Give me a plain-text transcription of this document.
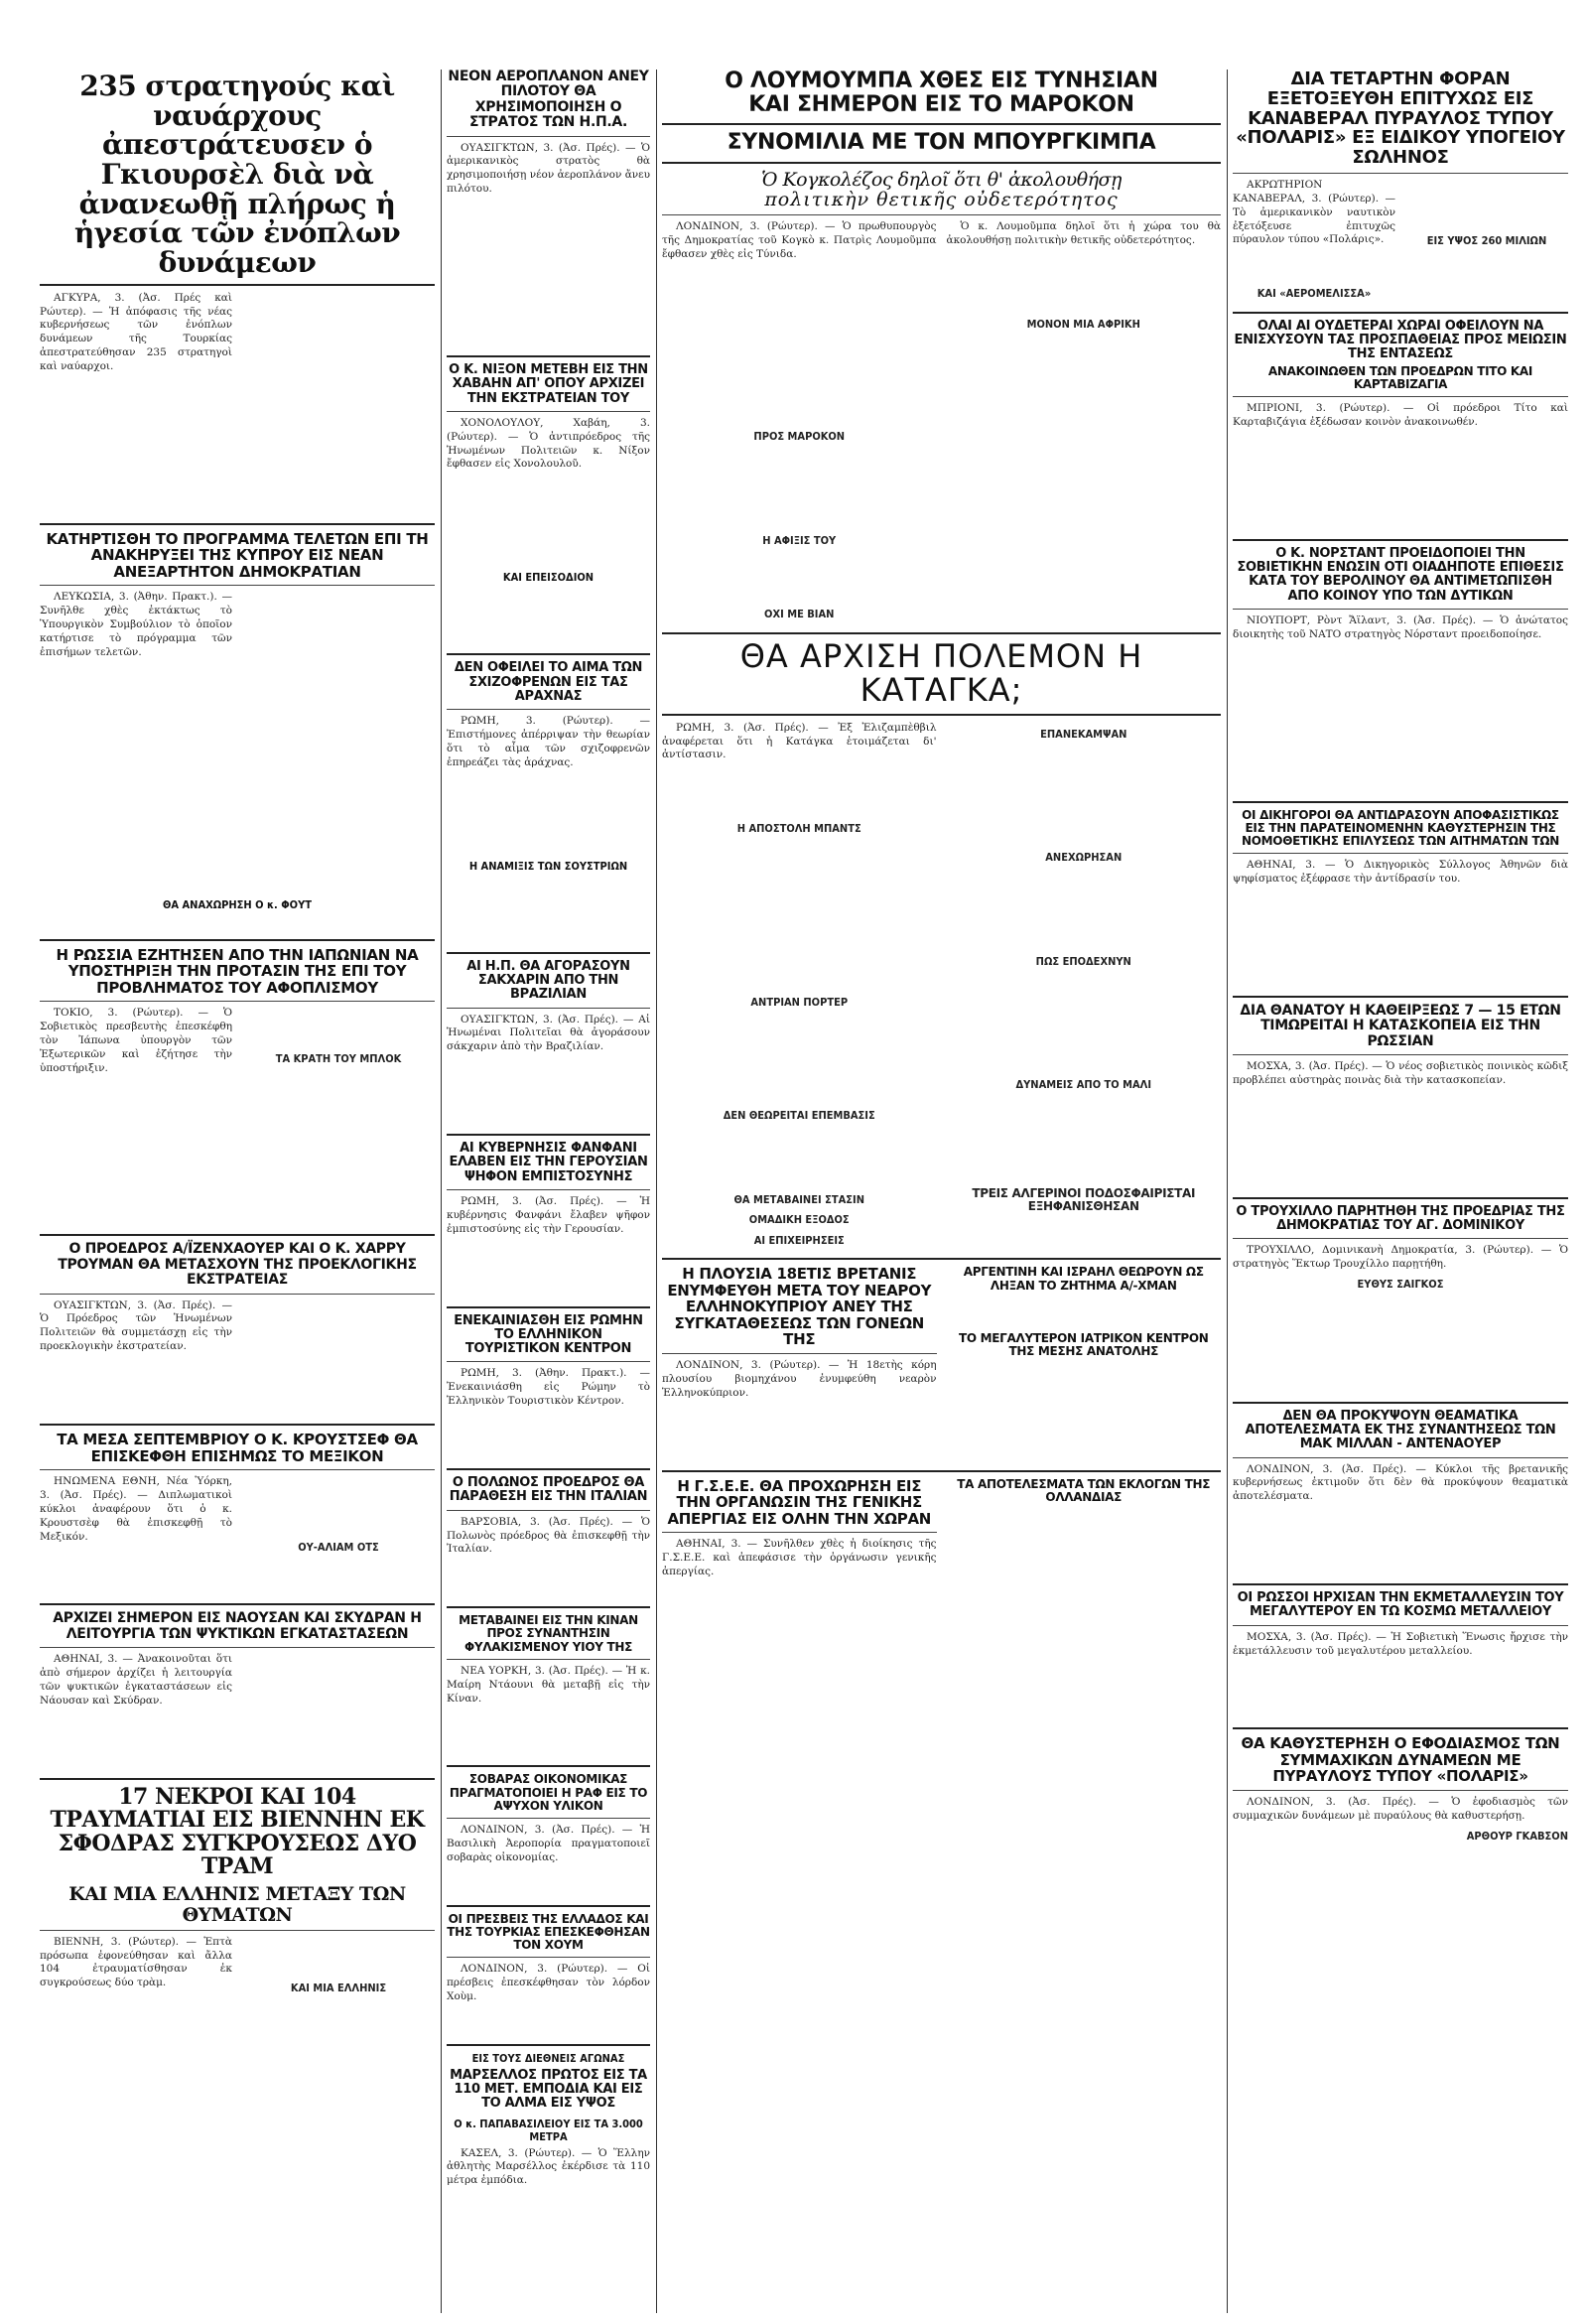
235 στρατηγούς καὶ ναυάρχους ἀπεστράτευσεν ὁ Γκιουρσὲλ διὰ νὰ ἀνανεωθῇ πλήρως ἡ ἡγεσία τῶν ἐνόπλων δυνάμεων

ΑΓΚΥΡΑ, 3. (Ἀσ. Πρές καὶ Ρώυτερ). — Ἡ ἀπόφασις τῆς νέας κυβερνήσεως τῶν ἐνόπλων δυνάμεων τῆς Τουρκίας ἀπεστρατεύθησαν 235 στρατηγοὶ καὶ ναύαρχοι.

ΚΑΤΗΡΤΙΣΘΗ ΤΟ ΠΡΟΓΡΑΜΜΑ ΤΕΛΕΤΩΝ ΕΠΙ ΤΗ ΑΝΑΚΗΡΥΞΕΙ ΤΗΣ ΚΥΠΡΟΥ ΕΙΣ ΝΕΑΝ ΑΝΕΞΑΡΤΗΤΟΝ ΔΗΜΟΚΡΑΤΙΑΝ

ΛΕΥΚΩΣΙΑ, 3. (Ἀθην. Πρακτ.). — Συνῆλθε χθὲς ἐκτάκτως τὸ Ὑπουργικὸν Συμβούλιον τὸ ὁποῖον κατήρτισε τὸ πρόγραμμα τῶν ἐπισήμων τελετῶν.

ΘΑ ΑΝΑΧΩΡΗΣΗ Ο κ. ΦΟΥΤ
Η ΡΩΣΣΙΑ ΕΖΗΤΗΣΕΝ ΑΠΟ ΤΗΝ ΙΑΠΩΝΙΑΝ ΝΑ ΥΠΟΣΤΗΡΙΞΗ ΤΗΝ ΠΡΟΤΑΣΙΝ ΤΗΣ ΕΠΙ ΤΟΥ ΠΡΟΒΛΗΜΑΤΟΣ ΤΟΥ ΑΦΟΠΛΙΣΜΟΥ

ΤΟΚΙΟ, 3. (Ρώυτερ). — Ὁ Σοβιετικὸς πρεσβευτὴς ἐπεσκέφθη τὸν Ἰάπωνα ὑπουργὸν τῶν Ἐξωτερικῶν καὶ ἐζήτησε τὴν ὑποστήριξιν.

ΤΑ ΚΡΑΤΗ ΤΟΥ ΜΠΛΟΚ
Ο ΠΡΟΕΔΡΟΣ Α/ΪΖΕΝΧΑΟΥΕΡ ΚΑΙ Ο Κ. ΧΑΡΡΥ ΤΡΟΥΜΑΝ ΘΑ ΜΕΤΑΣΧΟΥΝ ΤΗΣ ΠΡΟΕΚΛΟΓΙΚΗΣ ΕΚΣΤΡΑΤΕΙΑΣ

ΟΥΑΣΙΓΚΤΩΝ, 3. (Ἀσ. Πρές). — Ὁ Πρόεδρος τῶν Ἡνωμένων Πολιτειῶν θὰ συμμετάσχῃ εἰς τὴν προεκλογικὴν ἐκστρατείαν.

ΤΑ ΜΕΣΑ ΣΕΠΤΕΜΒΡΙΟΥ Ο Κ. ΚΡΟΥΣΤΣΕΦ ΘΑ ΕΠΙΣΚΕΦΘΗ ΕΠΙΣΗΜΩΣ ΤΟ ΜΕΞΙΚΟΝ

ΗΝΩΜΕΝΑ ΕΘΝΗ, Νέα Ὑόρκη, 3. (Ἀσ. Πρές). — Διπλωματικοὶ κύκλοι ἀναφέρουν ὅτι ὁ κ. Κρουστσὲφ θὰ ἐπισκεφθῇ τὸ Μεξικόν.

ΟΥ-ΑΛΙΑΜ ΟΤΣ
ΑΡΧΙΖΕΙ ΣΗΜΕΡΟΝ ΕΙΣ ΝΑΟΥΣΑΝ ΚΑΙ ΣΚΥΔΡΑΝ Η ΛΕΙΤΟΥΡΓΙΑ ΤΩΝ ΨΥΚΤΙΚΩΝ ΕΓΚΑΤΑΣΤΑΣΕΩΝ

ΑΘΗΝΑΙ, 3. — Ἀνακοινοῦται ὅτι ἀπὸ σήμερον ἀρχίζει ἡ λειτουργία τῶν ψυκτικῶν ἐγκαταστάσεων εἰς Νάουσαν καὶ Σκύδραν.

17 ΝΕΚΡΟΙ ΚΑΙ 104 ΤΡΑΥΜΑΤΙΑΙ ΕΙΣ ΒΙΕΝΝΗΝ ΕΚ ΣΦΟΔΡΑΣ ΣΥΓΚΡΟΥΣΕΩΣ ΔΥΟ ΤΡΑΜ
ΚΑΙ ΜΙΑ ΕΛΛΗΝΙΣ ΜΕΤΑΞΥ ΤΩΝ ΘΥΜΑΤΩΝ

ΒΙΕΝΝΗ, 3. (Ρώυτερ). — Ἑπτὰ πρόσωπα ἐφονεύθησαν καὶ ἄλλα 104 ἐτραυματίσθησαν ἐκ συγκρούσεως δύο τρὰμ.	ΚΑΙ ΜΙΑ ΕΛΛΗΝΙΣ
ΝΕΟΝ ΑΕΡΟΠΛΑΝΟΝ ΑΝΕΥ ΠΙΛΟΤΟΥ ΘΑ ΧΡΗΣΙΜΟΠΟΙΗΣΗ Ο ΣΤΡΑΤΟΣ ΤΩΝ Η.Π.Α.

ΟΥΑΣΙΓΚΤΩΝ, 3. (Ἀσ. Πρές). — Ὁ ἀμερικανικὸς στρατὸς θὰ χρησιμοποιήσῃ νέον ἀεροπλάνον ἄνευ πιλότου.

Ο Κ. ΝΙΞΟΝ ΜΕΤΕΒΗ ΕΙΣ ΤΗΝ ΧΑΒΑΗΝ ΑΠ' ΟΠΟΥ ΑΡΧΙΖΕΙ ΤΗΝ ΕΚΣΤΡΑΤΕΙΑΝ ΤΟΥ

ΧΟΝΟΛΟΥΛΟΥ, Χαβάη, 3. (Ρώυτερ). — Ὁ ἀντιπρόεδρος τῆς Ἡνωμένων Πολιτειῶν κ. Νίξον ἔφθασεν εἰς Χονολουλοῦ.

ΚΑΙ ΕΠΕΙΣΟΔΙΟΝ
ΔΕΝ ΟΦΕΙΛΕΙ ΤΟ ΑΙΜΑ ΤΩΝ ΣΧΙΖΟΦΡΕΝΩΝ ΕΙΣ ΤΑΣ ΑΡΑΧΝΑΣ

ΡΩΜΗ, 3. (Ρώυτερ). — Ἐπιστήμονες ἀπέρριψαν τὴν θεωρίαν ὅτι τὸ αἷμα τῶν σχιζοφρενῶν ἐπηρεάζει τὰς ἀράχνας.

Η ΑΝΑΜΙΞΙΣ ΤΩΝ ΣΟΥΣΤΡΙΩΝ
ΑΙ Η.Π. ΘΑ ΑΓΟΡΑΣΟΥΝ ΣΑΚΧΑΡΙΝ ΑΠΟ ΤΗΝ ΒΡΑΖΙΛΙΑΝ

ΟΥΑΣΙΓΚΤΩΝ, 3. (Ἀσ. Πρές). — Αἱ Ἡνωμέναι Πολιτεῖαι θὰ ἀγοράσουν σάκχαριν ἀπὸ τὴν Βραζιλίαν.

ΑΙ ΚΥΒΕΡΝΗΣΙΣ ΦΑΝΦΑΝΙ ΕΛΑΒΕΝ ΕΙΣ ΤΗΝ ΓΕΡΟΥΣΙΑΝ ΨΗΦΟΝ ΕΜΠΙΣΤΟΣΥΝΗΣ

ΡΩΜΗ, 3. (Ἀσ. Πρές). — Ἡ κυβέρνησις Φανφάνι ἔλαβεν ψῆφον ἐμπιστοσύνης εἰς τὴν Γερουσίαν.

ΕΝΕΚΑΙΝΙΑΣΘΗ ΕΙΣ ΡΩΜΗΝ ΤΟ ΕΛΛΗΝΙΚΟΝ ΤΟΥΡΙΣΤΙΚΟΝ ΚΕΝΤΡΟΝ

ΡΩΜΗ, 3. (Ἀθην. Πρακτ.). — Ἐνεκαινιάσθη εἰς Ρώμην τὸ Ἑλληνικὸν Τουριστικὸν Κέντρον.

Ο ΠΟΛΩΝΟΣ ΠΡΟΕΔΡΟΣ ΘΑ ΠΑΡΑΘΕΣΗ ΕΙΣ ΤΗΝ ΙΤΑΛΙΑΝ

ΒΑΡΣΟΒΙΑ, 3. (Ἀσ. Πρές). — Ὁ Πολωνὸς πρόεδρος θὰ ἐπισκεφθῇ τὴν Ἰταλίαν.

ΜΕΤΑΒΑΙΝΕΙ ΕΙΣ ΤΗΝ ΚΙΝΑΝ ΠΡΟΣ ΣΥΝΑΝΤΗΣΙΝ ΦΥΛΑΚΙΣΜΕΝΟΥ ΥΙΟΥ ΤΗΣ

ΝΕΑ ΥΟΡΚΗ, 3. (Ἀσ. Πρές). — Ἡ κ. Μαίρη Ντάουνι θὰ μεταβῇ εἰς τὴν Κίναν.

ΣΟΒΑΡΑΣ ΟΙΚΟΝΟΜΙΚΑΣ ΠΡΑΓΜΑΤΟΠΟΙΕΙ Η ΡΑΦ ΕΙΣ ΤΟ ΑΨΥΧΟΝ ΥΛΙΚΟΝ

ΛΟΝΔΙΝΟΝ, 3. (Ἀσ. Πρές). — Ἡ Βασιλικὴ Ἀεροπορία πραγματοποιεῖ σοβαρὰς οἰκονομίας.

ΟΙ ΠΡΕΣΒΕΙΣ ΤΗΣ ΕΛΛΑΔΟΣ ΚΑΙ ΤΗΣ ΤΟΥΡΚΙΑΣ ΕΠΕΣΚΕΦΘΗΣΑΝ ΤΟΝ ΧΟΥΜ

ΛΟΝΔΙΝΟΝ, 3. (Ρώυτερ). — Οἱ πρέσβεις ἐπεσκέφθησαν τὸν λόρδον Χοὺμ.

ΕΙΣ ΤΟΥΣ ΔΙΕΘΝΕΙΣ ΑΓΩΝΑΣ
ΜΑΡΣΕΛΛΟΣ ΠΡΩΤΟΣ ΕΙΣ ΤΑ 110 ΜΕΤ. ΕΜΠΟΔΙΑ ΚΑΙ ΕΙΣ ΤΟ ΑΛΜΑ ΕΙΣ ΥΨΟΣ
Ο κ. ΠΑΠΑΒΑΣΙΛΕΙΟΥ ΕΙΣ ΤΑ 3.000 ΜΕΤΡΑ

ΚΑΣΕΛ, 3. (Ρώυτερ). — Ὁ Ἕλλην ἀθλητὴς Μαρσέλλος ἐκέρδισε τὰ 110 μέτρα ἐμπόδια.

Ο ΛΟΥΜΟΥΜΠΑ ΧΘΕΣ ΕΙΣ ΤΥΝΗΣΙΑΝ
ΚΑΙ ΣΗΜΕΡΟΝ ΕΙΣ ΤΟ ΜΑΡΟΚΟΝ
ΣΥΝΟΜΙΛΙΑ ΜΕ ΤΟΝ ΜΠΟΥΡΓΚΙΜΠΑ
Ὁ Κογκολέζος δηλοῖ ὅτι θ' ἀκολουθήσῃ
πολιτικὴν θετικῆς οὐδετερότητος

ΛΟΝΔΙΝΟΝ, 3. (Ρώυτερ). — Ὁ πρωθυπουργὸς τῆς Δημοκρατίας τοῦ Κογκὸ κ. Πατρὶς Λουμοῦμπα ἔφθασεν χθὲς εἰς Τύνιδα.

ΠΡΟΣ ΜΑΡΟΚΟΝ
Η ΑΦΙΞΙΣ ΤΟΥ
ΟΧΙ ΜΕ ΒΙΑΝ

Ὁ κ. Λουμοῦμπα δηλοῖ ὅτι ἡ χώρα του θὰ ἀκολουθήσῃ πολιτικὴν θετικῆς οὐδετερότητος.

ΜΟΝΟΝ ΜΙΑ ΑΦΡΙΚΗ
ΘΑ ΑΡΧΙΣΗ ΠΟΛΕΜΟΝ Η ΚΑΤΑΓΚΑ;

ΡΩΜΗ, 3. (Ἀσ. Πρές). — Ἐξ Ἐλιζαμπὲθβιλ ἀναφέρεται ὅτι ἡ Κατάγκα ἑτοιμάζεται δι' ἀντίστασιν.

Η ΑΠΟΣΤΟΛΗ ΜΠΑΝΤΣ
ΑΝΤΡΙΑΝ ΠΟΡΤΕΡ
ΔΕΝ ΘΕΩΡΕΙΤΑΙ ΕΠΕΜΒΑΣΙΣ
ΕΠΑΝΕΚΑΜΨΑΝ
ΑΝΕΧΩΡΗΣΑΝ
ΠΩΣ ΕΠΟΔΕΧΝΥΝ
ΔΥΝΑΜΕΙΣ ΑΠΟ ΤΟ ΜΑΛΙ
ΘΑ ΜΕΤΑΒΑΙΝΕΙ ΣΤΑΣΙΝ
ΟΜΑΔΙΚΗ ΕΞΟΔΟΣ
ΑΙ ΕΠΙΧΕΙΡΗΣΕΙΣ
ΤΡΕΙΣ ΑΛΓΕΡΙΝΟΙ ΠΟΔΟΣΦΑΙΡΙΣΤΑΙ ΕΞΗΦΑΝΙΣΘΗΣΑΝ
Η ΠΛΟΥΣΙΑ 18ΕΤΙΣ ΒΡΕΤΑΝΙΣ ΕΝΥΜΦΕΥΘΗ ΜΕΤΑ ΤΟΥ ΝΕΑΡΟΥ ΕΛΛΗΝΟΚΥΠΡΙΟΥ ΑΝΕΥ ΤΗΣ ΣΥΓΚΑΤΑΘΕΣΕΩΣ ΤΩΝ ΓΟΝΕΩΝ ΤΗΣ

ΛΟΝΔΙΝΟΝ, 3. (Ρώυτερ). — Ἡ 18ετὴς κόρη πλουσίου βιομηχάνου ἐνυμφεύθη νεαρὸν Ἑλληνοκύπριον.

ΑΡΓΕΝΤΙΝΗ ΚΑΙ ΙΣΡΑΗΛ ΘΕΩΡΟΥΝ ΩΣ ΛΗΞΑΝ ΤΟ ΖΗΤΗΜΑ Α/-ΧΜΑΝ
ΤΟ ΜΕΓΑΛΥΤΕΡΟΝ ΙΑΤΡΙΚΟΝ ΚΕΝΤΡΟΝ ΤΗΣ ΜΕΣΗΣ ΑΝΑΤΟΛΗΣ
Η Γ.Σ.Ε.Ε. ΘΑ ΠΡΟΧΩΡΗΣΗ ΕΙΣ ΤΗΝ ΟΡΓΑΝΩΣΙΝ ΤΗΣ ΓΕΝΙΚΗΣ ΑΠΕΡΓΙΑΣ ΕΙΣ ΟΛΗΝ ΤΗΝ ΧΩΡΑΝ

ΑΘΗΝΑΙ, 3. — Συνῆλθεν χθὲς ἡ διοίκησις τῆς Γ.Σ.Ε.Ε. καὶ ἀπεφάσισε τὴν ὀργάνωσιν γενικῆς ἀπεργίας.

ΤΑ ΑΠΟΤΕΛΕΣΜΑΤΑ ΤΩΝ ΕΚΛΟΓΩΝ ΤΗΣ ΟΛΛΑΝΔΙΑΣ
ΔΙΑ ΤΕΤΑΡΤΗΝ ΦΟΡΑΝ ΕΞΕΤΟΞΕΥΘΗ ΕΠΙΤΥΧΩΣ ΕΙΣ ΚΑΝΑΒΕΡΑΛ ΠΥΡΑΥΛΟΣ ΤΥΠΟΥ «ΠΟΛΑΡΙΣ» ΕΞ ΕΙΔΙΚΟΥ ΥΠΟΓΕΙΟΥ ΣΩΛΗΝΟΣ

ΑΚΡΩΤΗΡΙΟΝ ΚΑΝΑΒΕΡΑΛ, 3. (Ρώυτερ). — Τὸ ἀμερικανικὸν ναυτικὸν ἐξετόξευσε ἐπιτυχῶς πύραυλον τύπου «Πολάρις».

ΚΑΙ «ΑΕΡΟΜΕΛΙΣΣΑ»
ΕΙΣ ΥΨΟΣ 260 ΜΙΛΙΩΝ
ΟΛΑΙ ΑΙ ΟΥΔΕΤΕΡΑΙ ΧΩΡΑΙ ΟΦΕΙΛΟΥΝ ΝΑ ΕΝΙΣΧΥΣΟΥΝ ΤΑΣ ΠΡΟΣΠΑΘΕΙΑΣ ΠΡΟΣ ΜΕΙΩΣΙΝ ΤΗΣ ΕΝΤΑΣΕΩΣ
ΑΝΑΚΟΙΝΩΘΕΝ ΤΩΝ ΠΡΟΕΔΡΩΝ ΤΙΤΟ ΚΑΙ ΚΑΡΤΑΒΙΖΑΓΙΑ

ΜΠΡΙΟΝΙ, 3. (Ρώυτερ). — Οἱ πρόεδροι Τίτο καὶ Καρταβιζάγια ἐξέδωσαν κοινὸν ἀνακοινωθέν.

Ο Κ. ΝΟΡΣΤΑΝΤ ΠΡΟΕΙΔΟΠΟΙΕΙ ΤΗΝ ΣΟΒΙΕΤΙΚΗΝ ΕΝΩΣΙΝ ΟΤΙ ΟΙΑΔΗΠΟΤΕ ΕΠΙΘΕΣΙΣ ΚΑΤΑ ΤΟΥ ΒΕΡΟΛΙΝΟΥ ΘΑ ΑΝΤΙΜΕΤΩΠΙΣΘΗ ΑΠΟ ΚΟΙΝΟΥ ΥΠΟ ΤΩΝ ΔΥΤΙΚΩΝ

ΝΙΟΥΠΟΡΤ, Ρὸντ Ἄϊλαντ, 3. (Ἀσ. Πρές). — Ὁ ἀνώτατος διοικητὴς τοῦ ΝΑΤΟ στρατηγὸς Νόρσταντ προειδοποίησε.

ΟΙ ΔΙΚΗΓΟΡΟΙ ΘΑ ΑΝΤΙΔΡΑΣΟΥΝ ΑΠΟΦΑΣΙΣΤΙΚΩΣ ΕΙΣ ΤΗΝ ΠΑΡΑΤΕΙΝΟΜΕΝΗΝ ΚΑΘΥΣΤΕΡΗΣΙΝ ΤΗΣ ΝΟΜΟΘΕΤΙΚΗΣ ΕΠΙΛΥΣΕΩΣ ΤΩΝ ΑΙΤΗΜΑΤΩΝ ΤΩΝ

ΑΘΗΝΑΙ, 3. — Ὁ Δικηγορικὸς Σύλλογος Ἀθηνῶν διὰ ψηφίσματος ἐξέφρασε τὴν ἀντίδρασίν του.

ΔΙΑ ΘΑΝΑΤΟΥ Η ΚΑΘΕΙΡΞΕΩΣ 7 — 15 ΕΤΩΝ ΤΙΜΩΡΕΙΤΑΙ Η ΚΑΤΑΣΚΟΠΕΙΑ ΕΙΣ ΤΗΝ ΡΩΣΣΙΑΝ

ΜΟΣΧΑ, 3. (Ἀσ. Πρές). — Ὁ νέος σοβιετικὸς ποινικὸς κῶδιξ προβλέπει αὐστηρὰς ποινὰς διὰ τὴν κατασκοπείαν.

Ο ΤΡΟΥΧΙΛΛΟ ΠΑΡΗΤΗΘΗ ΤΗΣ ΠΡΟΕΔΡΙΑΣ ΤΗΣ ΔΗΜΟΚΡΑΤΙΑΣ ΤΟΥ ΑΓ. ΔΟΜΙΝΙΚΟΥ

ΤΡΟΥΧΙΛΛΟ, Δομινικανὴ Δημοκρατία, 3. (Ρώυτερ). — Ὁ στρατηγὸς Ἕκτωρ Τρουχίλλο παρῃτήθη.

ΕΥΘΥΣ ΣΑΙΓΚΟΣ
ΔΕΝ ΘΑ ΠΡΟΚΥΨΟΥΝ ΘΕΑΜΑΤΙΚΑ ΑΠΟΤΕΛΕΣΜΑΤΑ ΕΚ ΤΗΣ ΣΥΝΑΝΤΗΣΕΩΣ ΤΩΝ ΜΑΚ ΜΙΛΛΑΝ - ΑΝΤΕΝΑΟΥΕΡ

ΛΟΝΔΙΝΟΝ, 3. (Ἀσ. Πρές). — Κύκλοι τῆς βρετανικῆς κυβερνήσεως ἐκτιμοῦν ὅτι δὲν θὰ προκύψουν θεαματικὰ ἀποτελέσματα.

ΟΙ ΡΩΣΣΟΙ ΗΡΧΙΣΑΝ ΤΗΝ ΕΚΜΕΤΑΛΛΕΥΣΙΝ ΤΟΥ ΜΕΓΑΛΥΤΕΡΟΥ ΕΝ ΤΩ ΚΟΣΜΩ ΜΕΤΑΛΛΕΙΟΥ

ΜΟΣΧΑ, 3. (Ἀσ. Πρές). — Ἡ Σοβιετικὴ Ἕνωσις ἤρχισε τὴν ἐκμετάλλευσιν τοῦ μεγαλυτέρου μεταλλείου.

ΘΑ ΚΑΘΥΣΤΕΡΗΣΗ Ο ΕΦΟΔΙΑΣΜΟΣ ΤΩΝ ΣΥΜΜΑΧΙΚΩΝ ΔΥΝΑΜΕΩΝ ΜΕ ΠΥΡΑΥΛΟΥΣ ΤΥΠΟΥ «ΠΟΛΑΡΙΣ»

ΛΟΝΔΙΝΟΝ, 3. (Ἀσ. Πρές). — Ὁ ἐφοδιασμὸς τῶν συμμαχικῶν δυνάμεων μὲ πυραύλους θὰ καθυστερήσῃ.

ΑΡΘΟΥΡ ΓΚΑΒΣΟΝ
